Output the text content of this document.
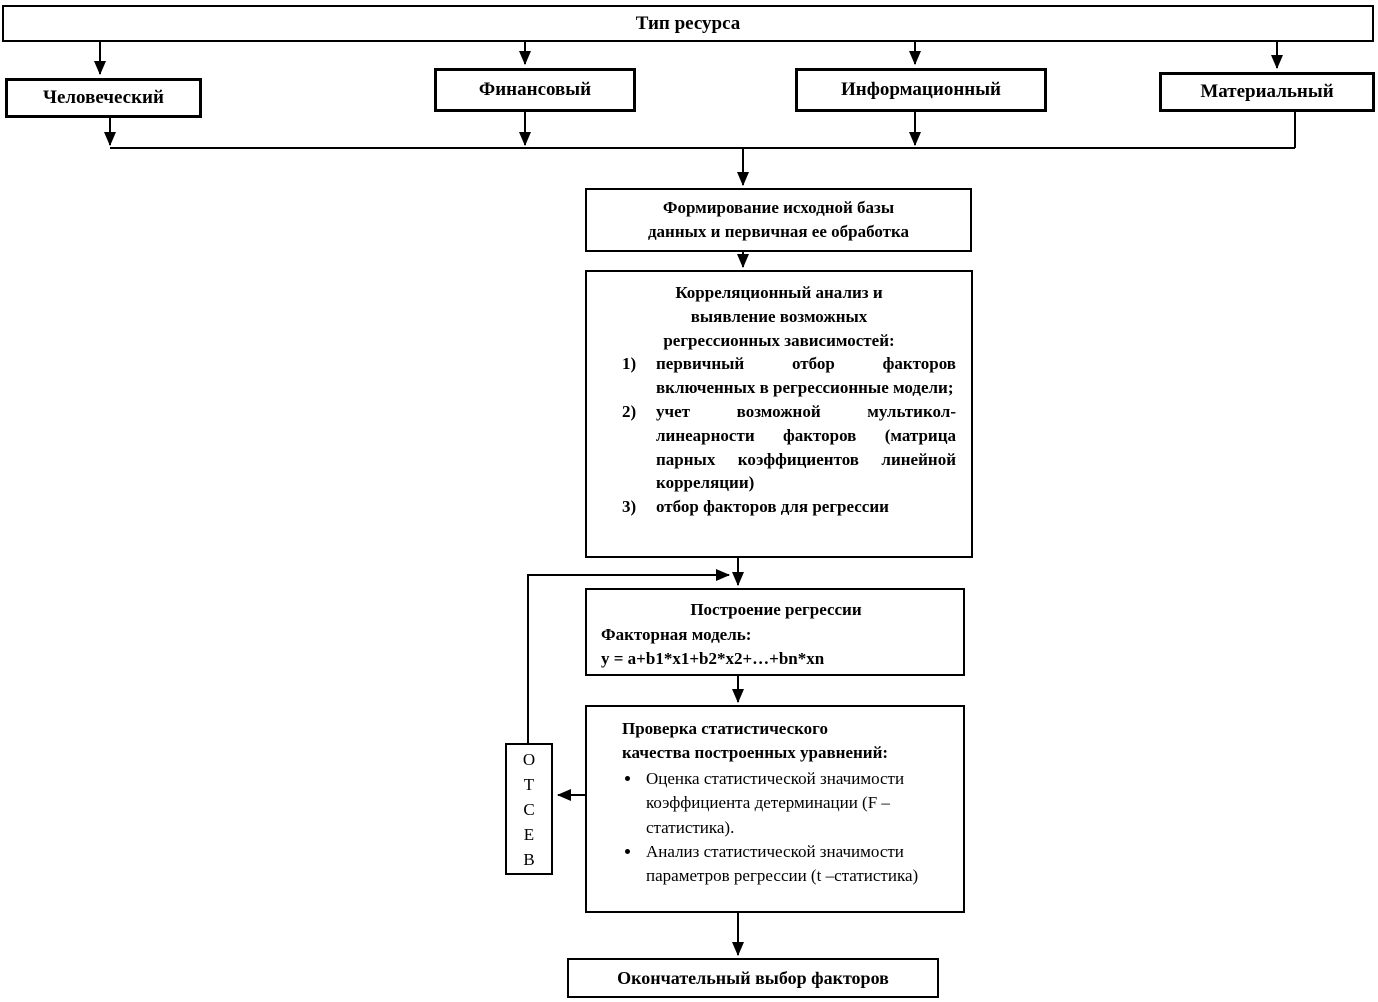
Тип ресурса
Человеческий	Финансовый	Информационный	Материальный
Формирование исходной базы
данных и первичная ее обработка
Корреляционный анализ и
выявление возможных
регрессионных зависимостей:
1)	первичный отбор факторов включенных в регрессионные модели;
2)	учет возможной мультикол-линеарности факторов (матрица парных коэффициентов линейной корреляции)
3)	отбор факторов для регрессии
Построение регрессии
Факторная модель:
y = a+b1*x1+b2*x2+…+bn*xn
Проверка статистического
качества построенных уравнений:
• Оценка статистической значимости коэффициента детерминации (F – статистика).
• Анализ статистической значимости параметров регрессии (t –статистика)
О
Т
С
Е
В
Окончательный выбор факторов
